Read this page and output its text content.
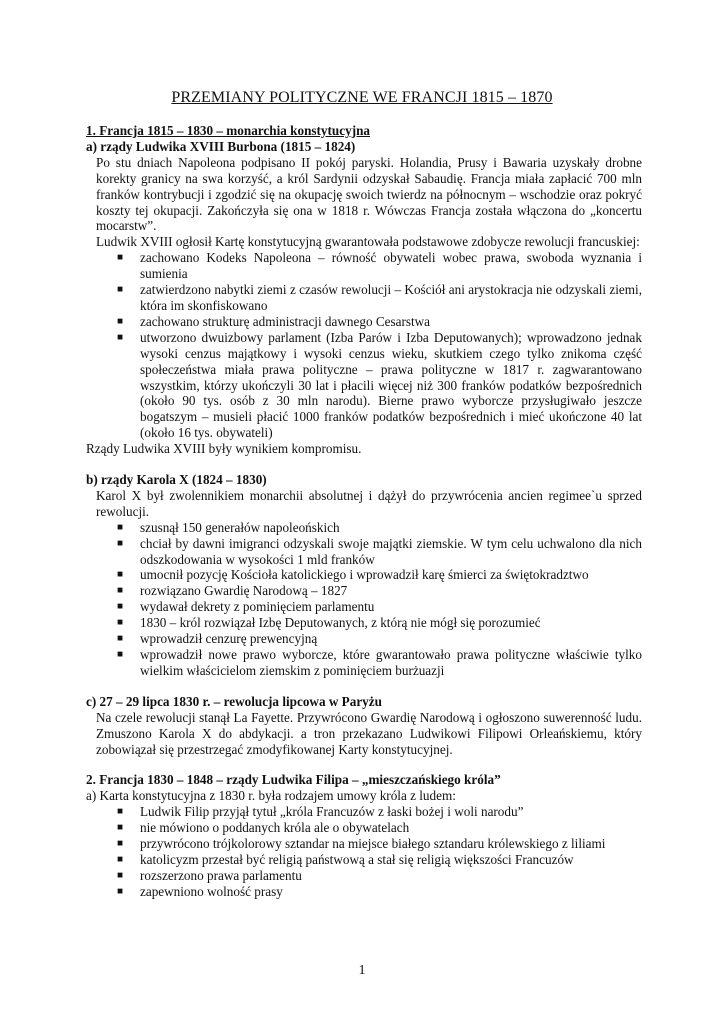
PRZEMIANY POLITYCZNE WE FRANCJI 1815 – 1870

1. Francja 1815 – 1830 – monarchia konstytucyjna

a) rządy Ludwika XVIII Burbona (1815 – 1824)

Po stu dniach Napoleona podpisano II pokój paryski. Holandia, Prusy i Bawaria uzyskały drobne korekty granicy na swa korzyść, a król Sardynii odzyskał Sabaudię. Francja miała zapłacić 700 mln franków kontrybucji i zgodzić się na okupację swoich twierdz na północnym – wschodzie oraz pokryć koszty tej okupacji. Zakończyła się ona w 1818 r. Wówczas Francja została włączona do „koncertu mocarstw”.

Ludwik XVIII ogłosił Kartę konstytucyjną gwarantowała podstawowe zdobycze rewolucji francuskiej:

■ zachowano Kodeks Napoleona – równość obywateli wobec prawa, swoboda wyznania i sumienia
■ zatwierdzono nabytki ziemi z czasów rewolucji – Kościół ani arystokracja nie odzyskali ziemi, która im skonfiskowano
■ zachowano strukturę administracji dawnego Cesarstwa
■ utworzono dwuizbowy parlament (Izba Parów i Izba Deputowanych); wprowadzono jednak wysoki cenzus majątkowy i wysoki cenzus wieku, skutkiem czego tylko znikoma część społeczeństwa miała prawa polityczne – prawa polityczne w 1817 r. zagwarantowano wszystkim, którzy ukończyli 30 lat i płacili więcej niż 300 franków podatków bezpośrednich (około 90 tys. osób z 30 mln narodu). Bierne prawo wyborcze przysługiwało jeszcze bogatszym – musieli płacić 1000 franków podatków bezpośrednich i mieć ukończone 40 lat (około 16 tys. obywateli)

Rządy Ludwika XVIII były wynikiem kompromisu.

b) rządy Karola X (1824 – 1830)

Karol X był zwolennikiem monarchii absolutnej i dążył do przywrócenia ancien regimee`u sprzed rewolucji.

■ szusnął 150 generałów napoleońskich
■ chciał by dawni imigranci odzyskali swoje majątki ziemskie. W tym celu uchwalono dla nich odszkodowania w wysokości 1 mld franków
■ umocnił pozycję Kościoła katolickiego i wprowadził karę śmierci za świętokradztwo
■ rozwiązano Gwardię Narodową – 1827
■ wydawał dekrety z pominięciem parlamentu
■ 1830 – król rozwiązał Izbę Deputowanych, z którą nie mógł się porozumieć
■ wprowadził cenzurę prewencyjną
■ wprowadził nowe prawo wyborcze, które gwarantowało prawa polityczne właściwie tylko wielkim właścicielom ziemskim z pominięciem burżuazji

c) 27 – 29 lipca 1830 r. – rewolucja lipcowa w Paryżu

Na czele rewolucji stanął La Fayette. Przywrócono Gwardię Narodową i ogłoszono suwerenność ludu. Zmuszono Karola X do abdykacji. a tron przekazano Ludwikowi Filipowi Orleańskiemu, który zobowiązał się przestrzegać zmodyfikowanej Karty konstytucyjnej.

2. Francja 1830 – 1848 – rządy Ludwika Filipa – „mieszczańskiego króla”

a) Karta konstytucyjna z 1830 r. była rodzajem umowy króla z ludem:

■ Ludwik Filip przyjął tytuł „króla Francuzów z łaski bożej i woli narodu”
■ nie mówiono o poddanych króla ale o obywatelach
■ przywrócono trójkolorowy sztandar na miejsce białego sztandaru królewskiego z liliami
■ katolicyzm przestał być religią państwową a stał się religią większości Francuzów
■ rozszerzono prawa parlamentu
■ zapewniono wolność prasy
1
